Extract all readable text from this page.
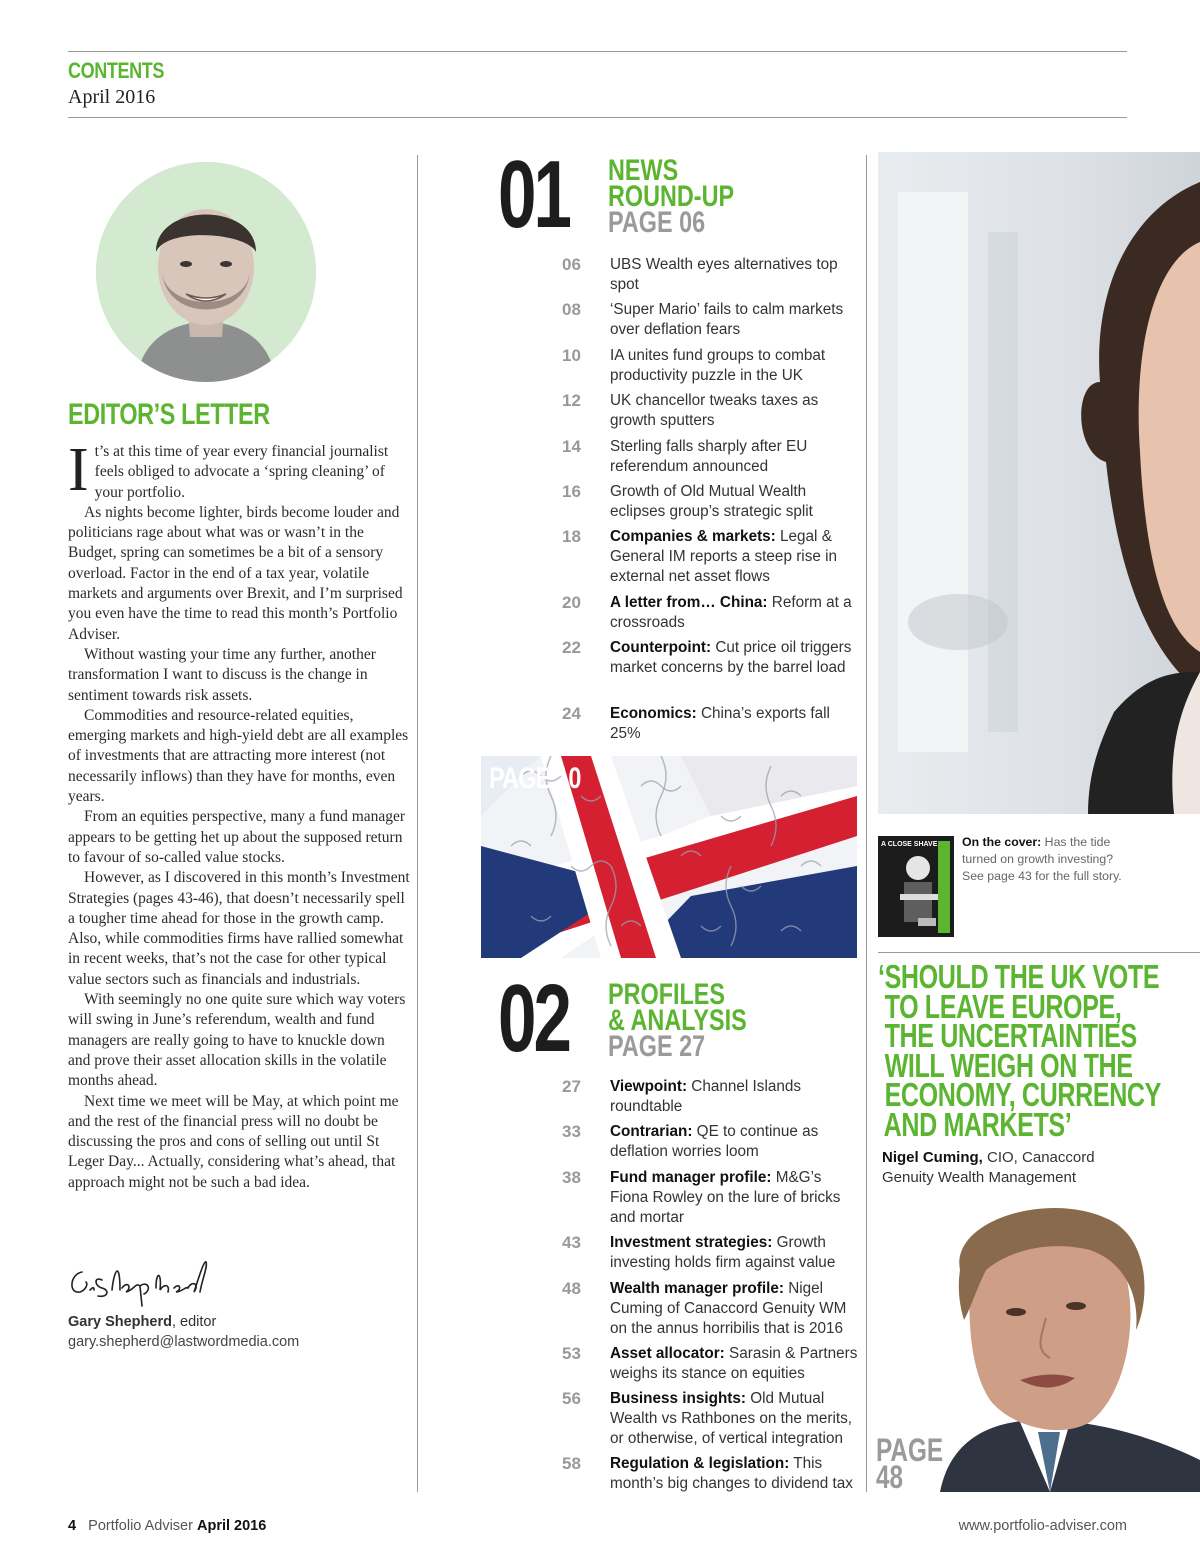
CONTENTS
April 2016
EDITOR’S LETTER

It’s at this time of year every financial journalist feels obliged to advocate a ‘spring cleaning’ of your portfolio.

As nights become lighter, birds become louder and politicians rage about what was or wasn’t in the Budget, spring can sometimes be a bit of a sensory overload. Factor in the end of a tax year, volatile markets and arguments over Brexit, and I’m surprised you even have the time to read this month’s Portfolio Adviser.

Without wasting your time any further, another transformation I want to discuss is the change in sentiment towards risk assets.

Commodities and resource-related equities, emerging markets and high-yield debt are all examples of investments that are attracting more interest (not necessarily inflows) than they have for months, even years.

From an equities perspective, many a fund manager appears to be getting het up about the supposed return to favour of so-called value stocks.

However, as I discovered in this month’s Investment Strategies (pages 43-46), that doesn’t necessarily spell a tougher time ahead for those in the growth camp. Also, while commodities firms have rallied somewhat in recent weeks, that’s not the case for other typical value sectors such as financials and industrials.

With seemingly no one quite sure which way voters will swing in June’s referendum, wealth and fund managers are really going to have to knuckle down and prove their asset allocation skills in the volatile months ahead.

Next time we meet will be May, at which point me and the rest of the financial press will no doubt be discussing the pros and cons of selling out until St Leger Day... Actually, considering what’s ahead, that approach might not be such a bad idea.

Gary Shepherd, editor
gary.shepherd@lastwordmedia.com
01 NEWS
ROUND-UP
PAGE 06
06 UBS Wealth eyes alternatives top spot
08 ‘Super Mario’ fails to calm markets over deflation fears
10 IA unites fund groups to combat productivity puzzle in the UK
12 UK chancellor tweaks taxes as growth sputters
14 Sterling falls sharply after EU referendum announced
16 Growth of Old Mutual Wealth eclipses group’s strategic split
18 Companies & markets: Legal & General IM reports a steep rise in external net asset flows
20 A letter from… China: Reform at a crossroads
22 Counterpoint: Cut price oil triggers market concerns by the barrel load
24 Economics: China’s exports fall 25%
PAGE 10
02 PROFILES
& ANALYSIS
PAGE 27
27 Viewpoint: Channel Islands roundtable
33 Contrarian: QE to continue as deflation worries loom
38 Fund manager profile: M&G’s Fiona Rowley on the lure of bricks and mortar
43 Investment strategies: Growth investing holds firm against value
48 Wealth manager profile: Nigel Cuming of Canaccord Genuity WM on the annus horribilis that is 2016
53 Asset allocator: Sarasin & Partners weighs its stance on equities
56 Business insights: Old Mutual Wealth vs Rathbones on the merits, or otherwise, of vertical integration
58 Regulation & legislation: This month’s big changes to dividend tax
A CLOSE SHAVE On the cover: Has the tide turned on growth investing? See page 43 for the full story.
‘SHOULD THE UK VOTE
TO LEAVE EUROPE,
THE UNCERTAINTIES
WILL WEIGH ON THE
ECONOMY, CURRENCY
AND MARKETS’
Nigel Cuming, CIO, Canaccord Genuity Wealth Management
PAGE
48
4 Portfolio Adviser April 2016	www.portfolio-adviser.com
